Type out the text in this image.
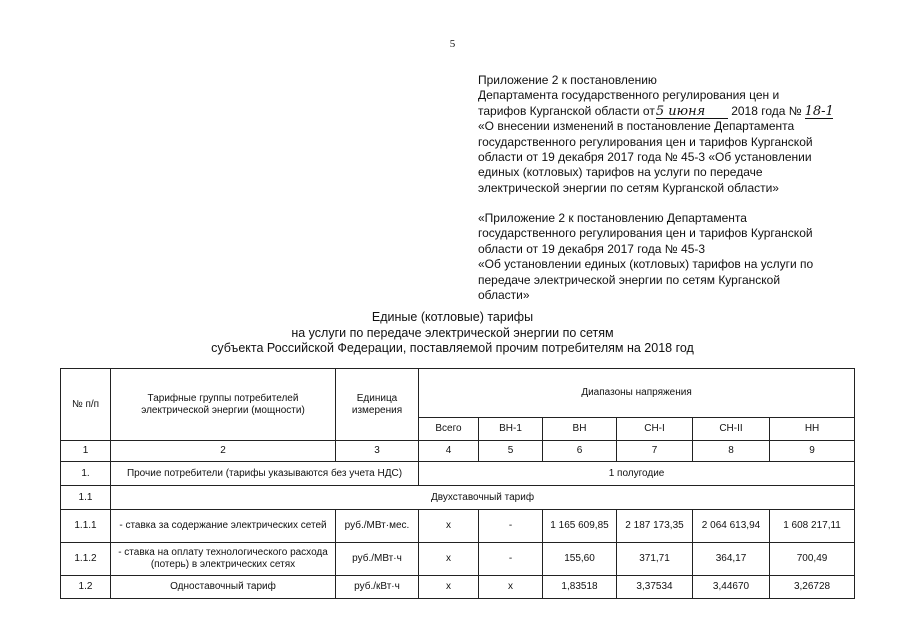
5
Приложение 2 к постановлению
Департамента государственного регулирования цен и
тарифов Курганской области от5 июня 2018 года № 18-1
«О внесении изменений в постановление Департамента
государственного регулирования цен и тарифов Курганской
области от 19 декабря 2017 года № 45-3 «Об установлении
единых (котловых) тарифов на услуги по передаче
электрической энергии по сетям Курганской области»
«Приложение 2 к постановлению Департамента
государственного регулирования цен и тарифов Курганской
области от 19 декабря 2017 года № 45-3
«Об установлении единых (котловых) тарифов на услуги по
передаче электрической энергии по сетям Курганской
области»
Единые (котловые) тарифы
на услуги по передаче электрической энергии по сетям
субъекта Российской Федерации, поставляемой прочим потребителям на 2018 год
№ п/п	Тарифные группы потребителей электрической энергии (мощности)	Единица измерения	Диапазоны напряжения					
			Всего	ВН-1	ВН	СН-I	СН-II	НН
1	2	3	4	5	6	7	8	9
1.	Прочие потребители (тарифы указываются без учета НДС)		1 полугодие					
1.1	Двухставочный тариф							
1.1.1	- ставка за содержание электрических сетей	руб./МВт·мес.	х	-	1 165 609,85	2 187 173,35	2 064 613,94	1 608 217,11
1.1.2	- ставка на оплату технологического расхода (потерь) в электрических сетях	руб./МВт·ч	х	-	155,60	371,71	364,17	700,49
1.2	Одноставочный тариф	руб./кВт·ч	х	х	1,83518	3,37534	3,44670	3,26728
